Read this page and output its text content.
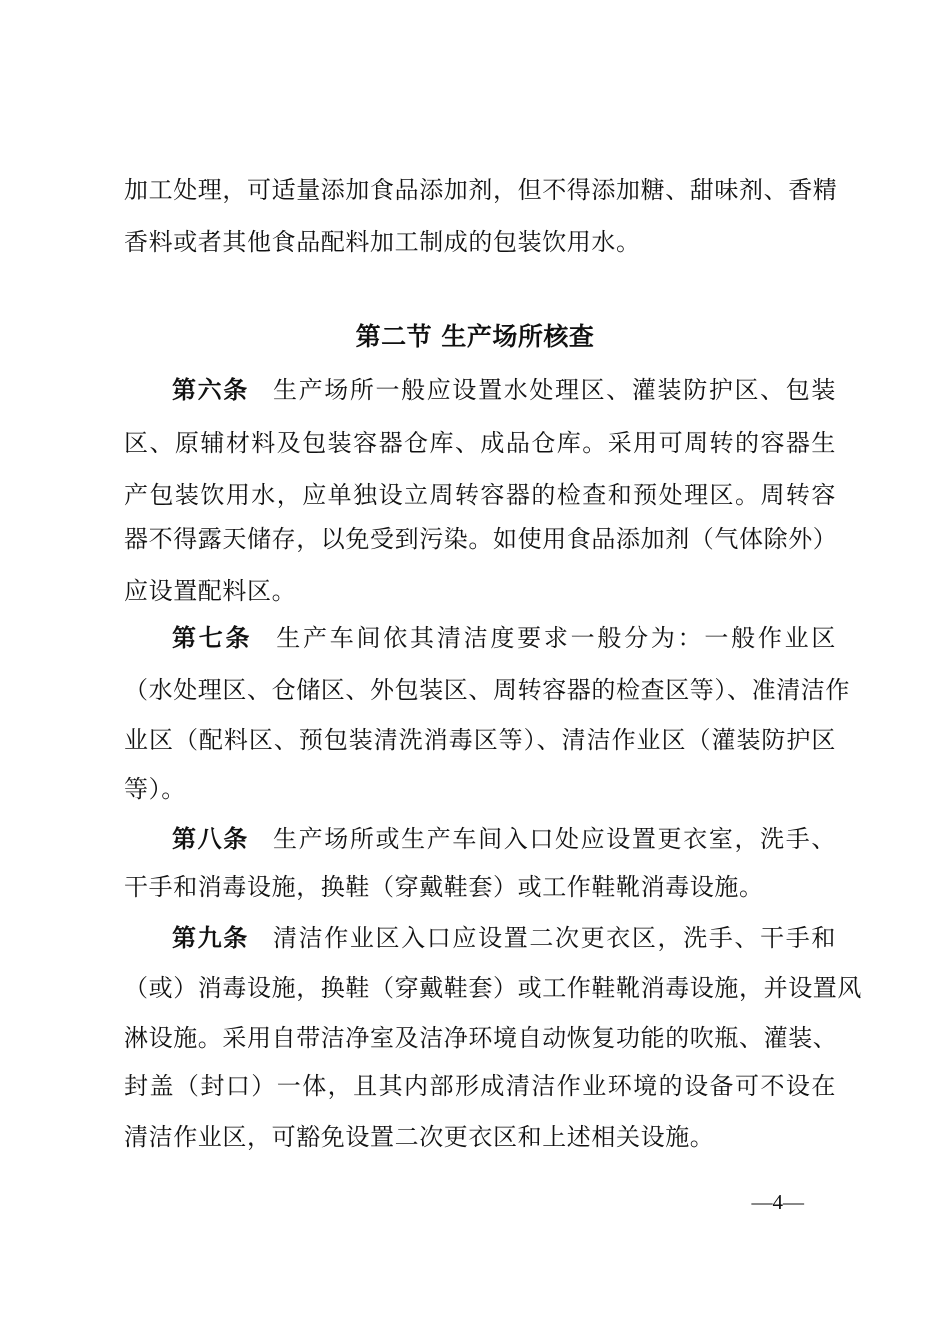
加工处理，可适量添加食品添加剂，但不得添加糖、甜味剂、香精
香料或者其他食品配料加工制成的包装饮用水。
第二节 生产场所核查
第六条 生产场所一般应设置水处理区、灌装防护区、包装
区、原辅材料及包装容器仓库、成品仓库。采用可周转的容器生
产包装饮用水，应单独设立周转容器的检查和预处理区。周转容
器不得露天储存，以免受到污染。如使用食品添加剂（气体除外）
应设置配料区。
第七条 生产车间依其清洁度要求一般分为：一般作业区
（水处理区、仓储区、外包装区、周转容器的检查区等）、准清洁作
业区（配料区、预包装清洗消毒区等）、清洁作业区（灌装防护区
等）。
第八条 生产场所或生产车间入口处应设置更衣室，洗手、
干手和消毒设施，换鞋（穿戴鞋套）或工作鞋靴消毒设施。
第九条 清洁作业区入口应设置二次更衣区，洗手、干手和
（或）消毒设施，换鞋（穿戴鞋套）或工作鞋靴消毒设施，并设置风
淋设施。采用自带洁净室及洁净环境自动恢复功能的吹瓶、灌装、
封盖（封口）一体，且其内部形成清洁作业环境的设备可不设在
清洁作业区，可豁免设置二次更衣区和上述相关设施。
—4—
